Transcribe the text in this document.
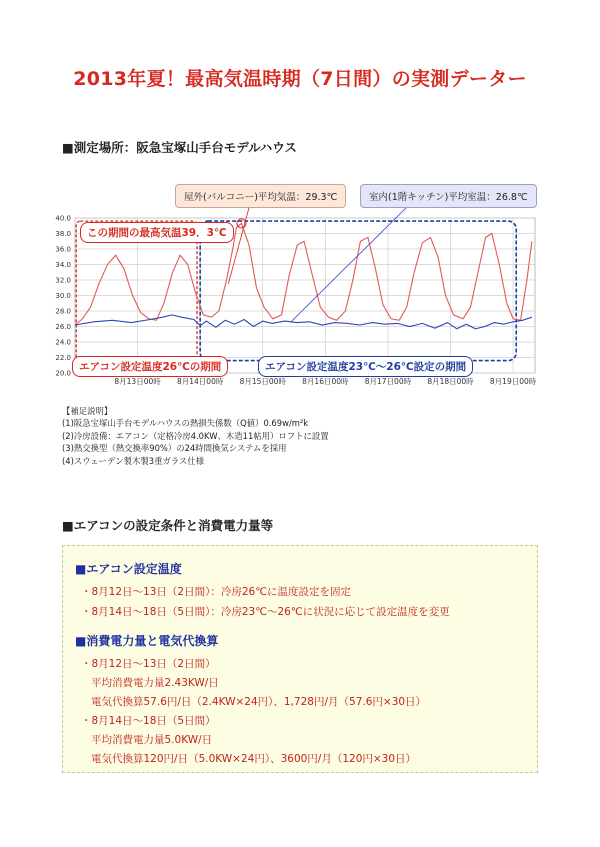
2013年夏！最高気温時期（7日間）の実測データー
■測定場所：阪急宝塚山手台モデルハウス
20.0
22.0
24.0
26.0
28.0
30.0
32.0
34.0
36.0
38.0
40.0
8月13日00時 8月14日00時 8月15日00時 8月16日00時 8月17日00時 8月18日00時 8月19日00時
屋外(バルコニー)平均気温：29.3℃	室内(1階キッチン)平均室温：26.8℃
この期間の最高気温39．3℃
エアコン設定温度26℃の期間	エアコン設定温度23℃～26℃設定の期間
【補足説明】
(1)阪急宝塚山手台モデルハウスの熱損失係数（Q値）0.69w/m²k
(2)冷房設備：エアコン（定格冷房4.0KW、木造11帖用）ロフトに設置
(3)熱交換型（熱交換率90%）の24時間換気システムを採用
(4)スウェーデン製木製3重ガラス仕様
■エアコンの設定条件と消費電力量等
■エアコン設定温度
・8月12日～13日（2日間）：冷房26℃に温度設定を固定
・8月14日～18日（5日間）：冷房23℃～26℃に状況に応じて設定温度を変更
■消費電力量と電気代換算
・8月12日～13日（2日間）
平均消費電力量2.43KW/日
電気代換算57.6円/日（2.4KW×24円）、1,728円/月（57.6円×30日）
・8月14日～18日（5日間）
平均消費電力量5.0KW/日
電気代換算120円/日（5.0KW×24円）、3600円/月（120円×30日）
